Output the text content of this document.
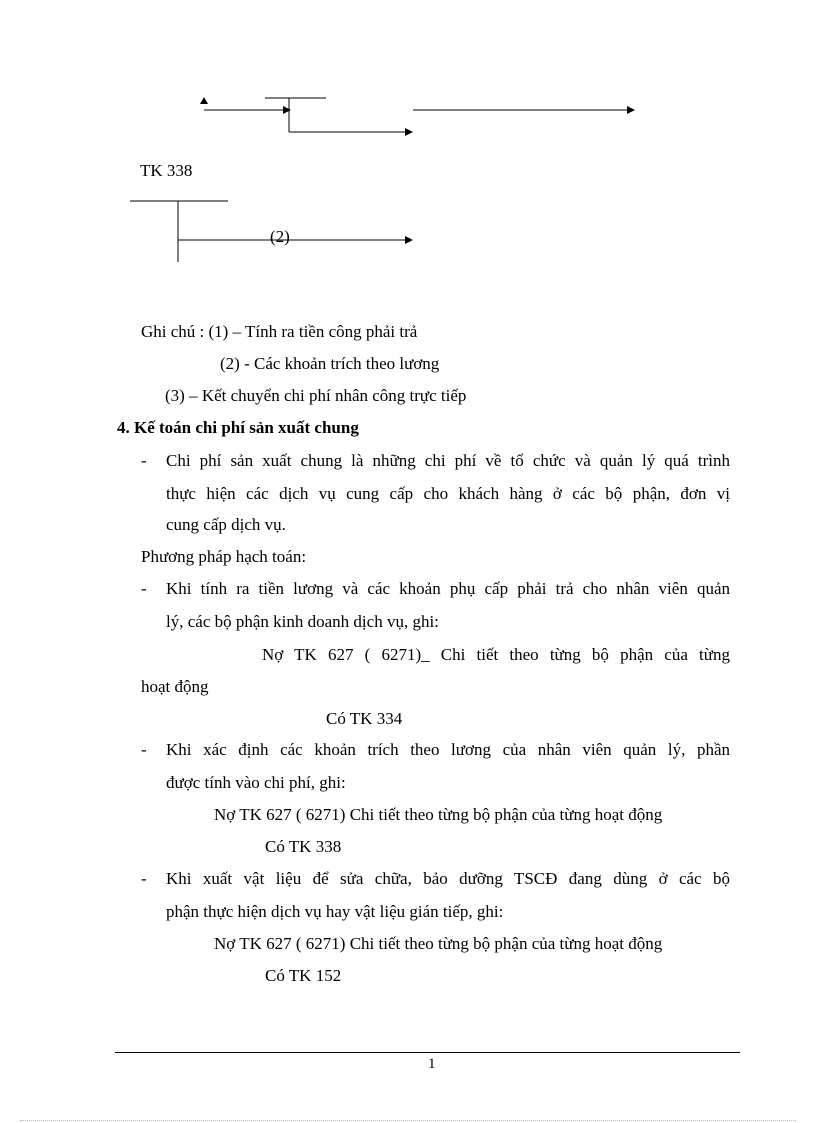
TK 338
(2)
Ghi chú : (1) – Tính ra tiền công phải trả
(2) - Các khoản trích theo lương
(3) – Kết chuyển chi phí nhân công trực tiếp
4. Kế toán chi phí sản xuất chung
- Chi phí sản xuất chung là những chi phí về tổ chức và quản lý quá trình
thực hiện các dịch vụ cung cấp cho khách hàng ở các bộ phận, đơn vị
cung cấp dịch vụ.
Phương pháp hạch toán:
- Khi tính ra tiền lương và các khoản phụ cấp phải trả cho nhân viên quản
lý, các bộ phận kinh doanh dịch vụ, ghi:
Nợ TK 627 ( 6271)_ Chi tiết theo từng bộ phận của từng
hoạt động
Có TK 334
- Khi xác định các khoản trích theo lương của nhân viên quản lý, phần
được tính vào chi phí, ghi:
Nợ TK 627 ( 6271) Chi tiết theo từng bộ phận của từng hoạt động
Có TK 338
- Khi xuất vật liệu để sửa chữa, bảo dưỡng TSCĐ đang dùng ở các bộ
phận thực hiện dịch vụ hay vật liệu gián tiếp, ghi:
Nợ TK 627 ( 6271) Chi tiết theo từng bộ phận của từng hoạt động
Có TK 152
1
